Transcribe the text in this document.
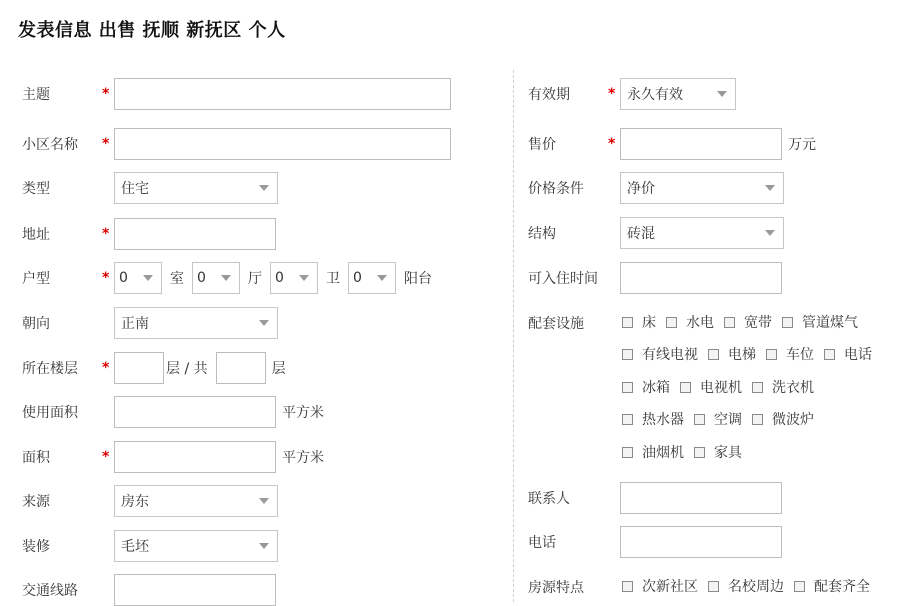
发表信息 出售 抚顺 新抚区 个人
主题	*
小区名称	*
类型	住宅
地址	*
户型	* 0	室 0	厅 0	卫 0	阳台
朝向	正南
所在楼层	*	层 / 共	层
使用面积	平方米
面积	*	平方米
来源	房东
装修	毛坯
交通线路
有效期	* 永久有效
售价	*	万元
价格条件	净价
结构	砖混
可入住时间
配套设施	床 水电 宽带 管道煤气
有线电视 电梯 车位 电话
冰箱 电视机 洗衣机
热水器 空调 微波炉
油烟机 家具
联系人
电话
房源特点	次新社区 名校周边 配套齐全
